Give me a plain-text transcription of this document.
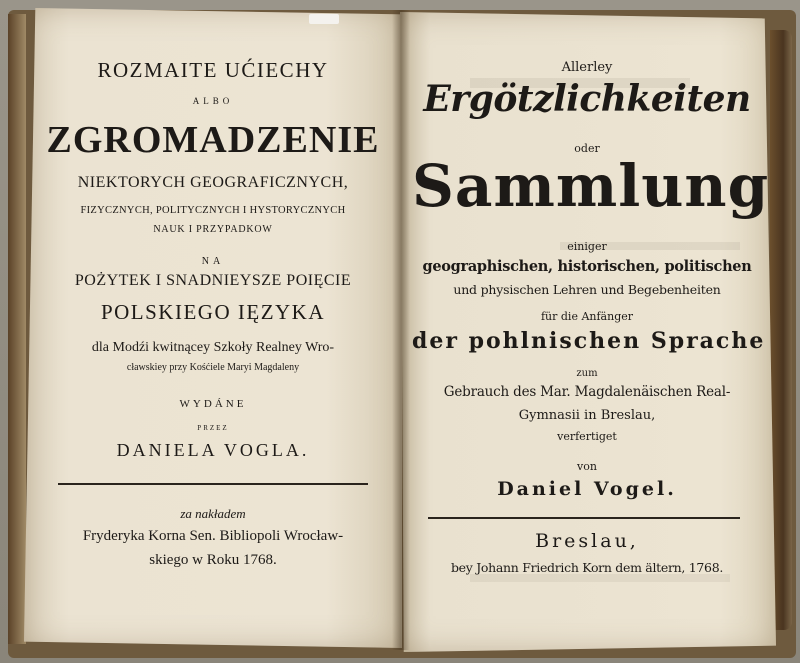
ROZMAITE UĆIECHY
ALBO
ZGROMADZENIE
NIEKTORYCH GEOGRAFICZNYCH,
FIZYCZNYCH, POLITYCZNYCH I HYSTORYCZNYCH
NAUK I PRZYPADKOW
NA
POŻYTEK I SNADNIEYSZE POIĘCIE
POLSKIEGO IĘZYKA
dla Modźi kwitnącey Szkoły Realney Wro-
cławskiey przy Kośćiele Maryi Magdaleny
WYDÁNE
PRZEZ
DANIELA VOGLA.
za nakładem
Fryderyka Korna Sen. Bibliopoli Wrocław-
skiego w Roku 1768.
Allerley
Ergötzlichkeiten
oder
Sammlung
einiger
geographischen, historischen, politischen
und physischen Lehren und Begebenheiten
für die Anfänger
der pohlnischen Sprache
zum
Gebrauch des Mar. Magdalenäischen Real-
Gymnasii in Breslau,
verfertiget
von
Daniel Vogel.
Breslau,
bey Johann Friedrich Korn dem ältern, 1768.
